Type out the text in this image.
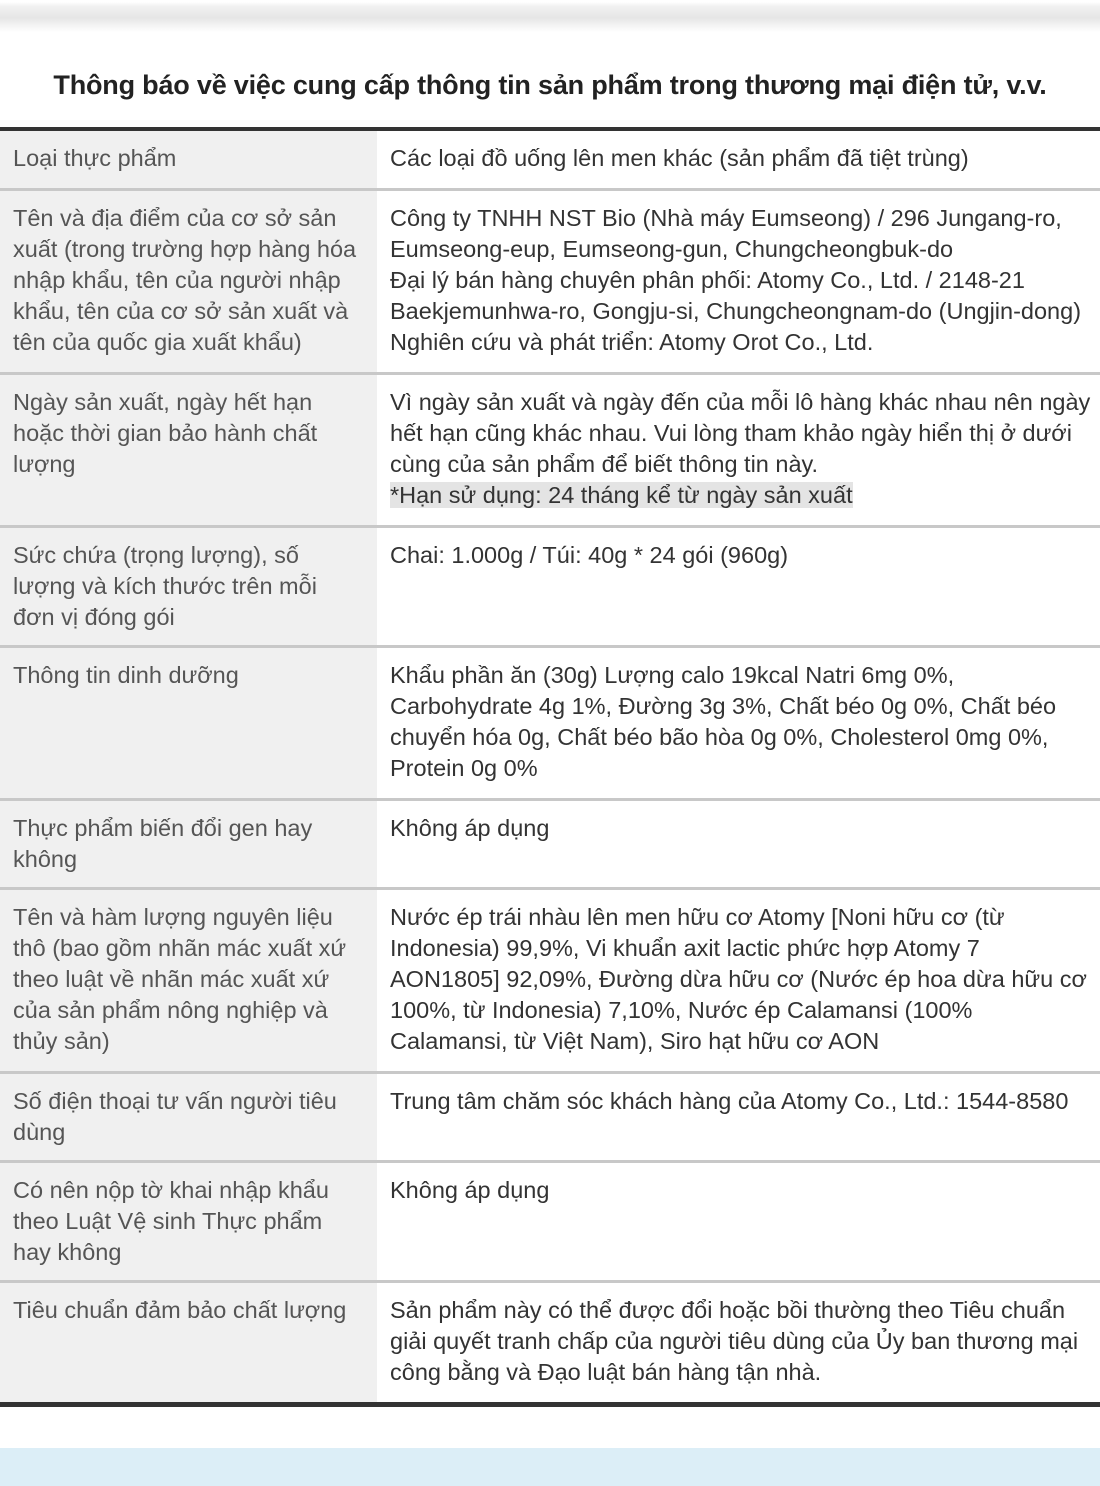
Thông báo về việc cung cấp thông tin sản phẩm trong thương mại điện tử, v.v.
Loại thực phẩm	Các loại đồ uống lên men khác (sản phẩm đã tiệt trùng)
Tên và địa điểm của cơ sở sản xuất (trong trường hợp hàng hóa nhập khẩu, tên của người nhập khẩu, tên của cơ sở sản xuất và tên của quốc gia xuất khẩu)	Công ty TNHH NST Bio (Nhà máy Eumseong) / 296 Jungang-ro, Eumseong-eup, Eumseong-gun, Chungcheongbuk-do
Đại lý bán hàng chuyên phân phối: Atomy Co., Ltd. / 2148-21 Baekjemunhwa-ro, Gongju-si, Chungcheongnam-do (Ungjin-dong)
Nghiên cứu và phát triển: Atomy Orot Co., Ltd.
Ngày sản xuất, ngày hết hạn hoặc thời gian bảo hành chất lượng	Vì ngày sản xuất và ngày đến của mỗi lô hàng khác nhau nên ngày hết hạn cũng khác nhau. Vui lòng tham khảo ngày hiển thị ở dưới cùng của sản phẩm để biết thông tin này.
*Hạn sử dụng: 24 tháng kể từ ngày sản xuất

Sức chứa (trọng lượng), số lượng và kích thước trên mỗi đơn vị đóng gói	Chai: 1.000g / Túi: 40g * 24 gói (960g)
Thông tin dinh dưỡng	Khẩu phần ăn (30g) Lượng calo 19kcal Natri 6mg 0%, Carbohydrate 4g 1%, Đường 3g 3%, Chất béo 0g 0%, Chất béo chuyển hóa 0g, Chất béo bão hòa 0g 0%, Cholesterol 0mg 0%, Protein 0g 0%
Thực phẩm biến đổi gen hay không	Không áp dụng
Tên và hàm lượng nguyên liệu thô (bao gồm nhãn mác xuất xứ theo luật về nhãn mác xuất xứ của sản phẩm nông nghiệp và thủy sản)	Nước ép trái nhàu lên men hữu cơ Atomy [Noni hữu cơ (từ Indonesia) 99,9%, Vi khuẩn axit lactic phức hợp Atomy 7 AON1805] 92,09%, Đường dừa hữu cơ (Nước ép hoa dừa hữu cơ 100%, từ Indonesia) 7,10%, Nước ép Calamansi (100% Calamansi, từ Việt Nam), Siro hạt hữu cơ AON
Số điện thoại tư vấn người tiêu dùng	Trung tâm chăm sóc khách hàng của Atomy Co., Ltd.: 1544-8580
Có nên nộp tờ khai nhập khẩu theo Luật Vệ sinh Thực phẩm hay không	Không áp dụng
Tiêu chuẩn đảm bảo chất lượng	Sản phẩm này có thể được đổi hoặc bồi thường theo Tiêu chuẩn giải quyết tranh chấp của người tiêu dùng của Ủy ban thương mại công bằng và Đạo luật bán hàng tận nhà.
